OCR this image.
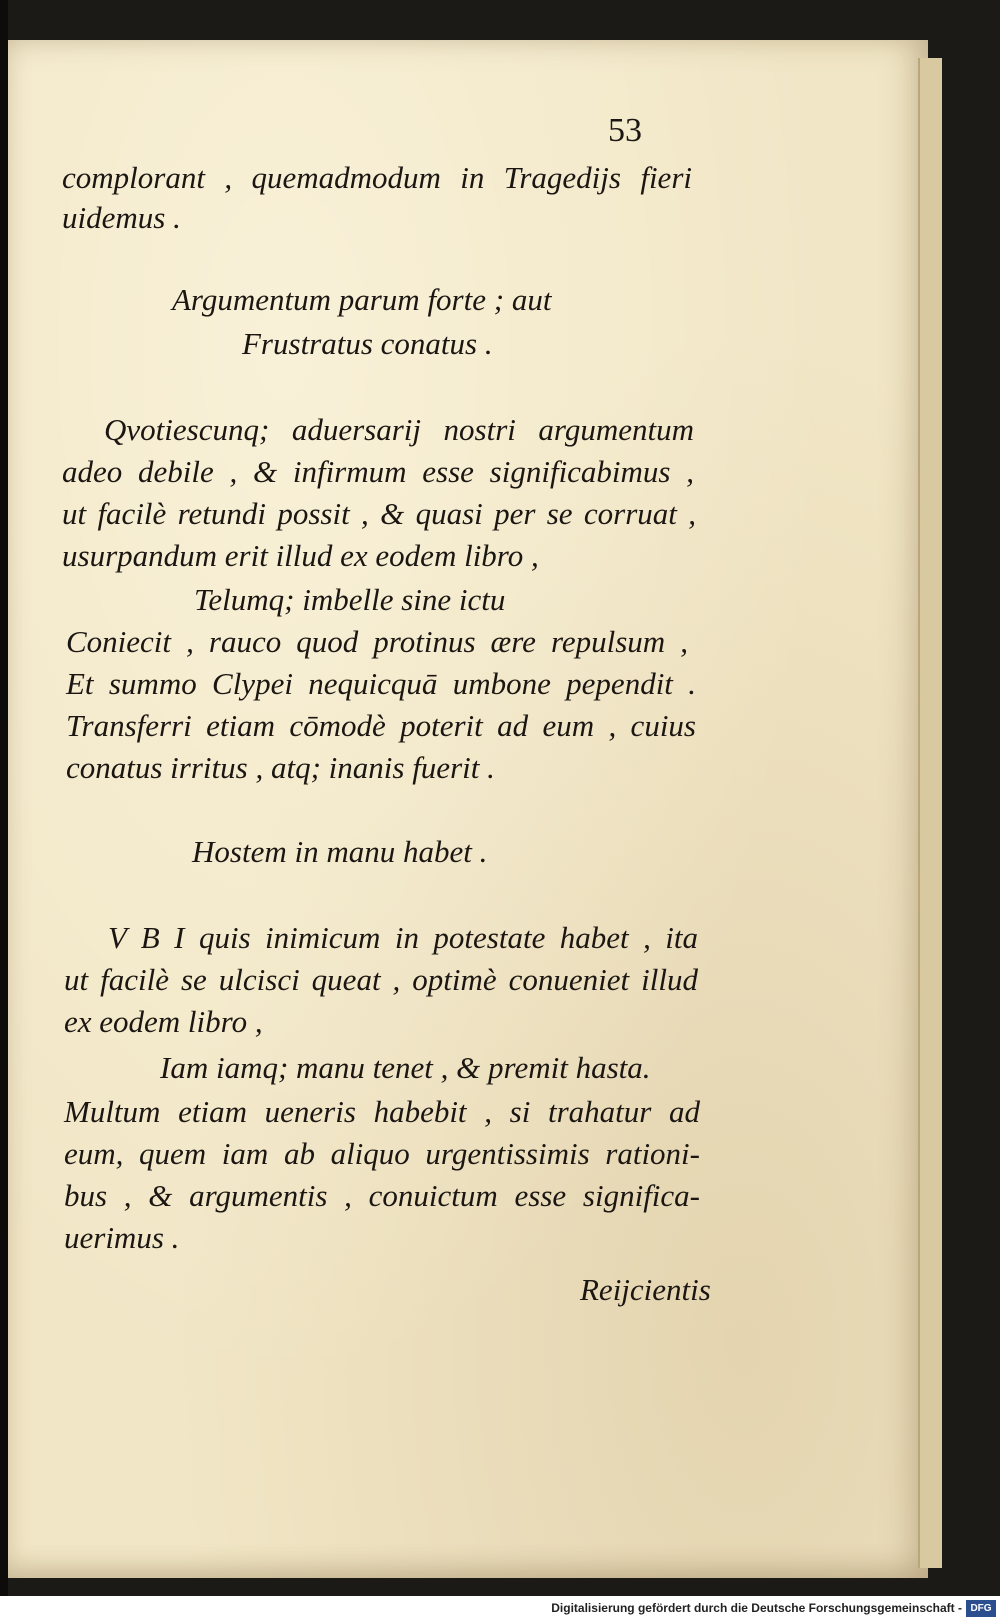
53
complorant , quemadmodum in Tragedijs fieri
uidemus .
Argumentum parum forte ; aut
Frustratus conatus .
Qvotiescunq; aduersarij nostri argumentum
adeo debile , & infirmum esse significabimus ,
ut facilè retundi possit , & quasi per se corruat ,
usurpandum erit illud ex eodem libro ,
Telumq; imbelle sine ictu
Coniecit , rauco quod protinus ære repulsum ,
Et summo Clypei nequicquā umbone pependit .
Transferri etiam cōmodè poterit ad eum , cuius
conatus irritus , atq; inanis fuerit .
Hostem in manu habet .
V B I quis inimicum in potestate habet , ita
ut facilè se ulcisci queat , optimè conueniet illud
ex eodem libro ,
Iam iamq; manu tenet , & premit hasta.
Multum etiam ueneris habebit , si trahatur ad
eum, quem iam ab aliquo urgentissimis rationi-
bus , & argumentis , conuictum esse significa-
uerimus .
Reijcientis
Digitalisierung gefördert durch die Deutsche Forschungsgemeinschaft - DFG
